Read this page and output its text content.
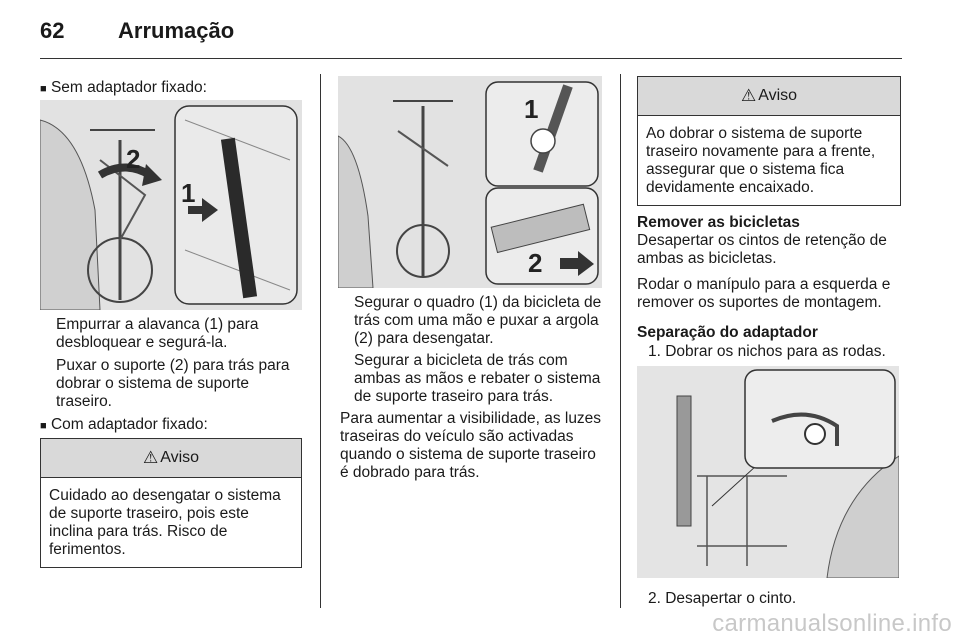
62 Arrumação
■ Sem adaptador fixado:
2
1
Empurrar a alavanca (1) para desbloquear e segurá-la.
Puxar o suporte (2) para trás para dobrar o sistema de suporte traseiro.
■ Com adaptador fixado:
⚠ Aviso
Cuidado ao desengatar o sistema de suporte traseiro, pois este inclina para trás. Risco de ferimentos.
1
2
Segurar o quadro (1) da bicicleta de trás com uma mão e puxar a argola (2) para desengatar.
Segurar a bicicleta de trás com ambas as mãos e rebater o sistema de suporte traseiro para trás.
Para aumentar a visibilidade, as luzes traseiras do veículo são activadas quando o sistema de suporte traseiro é dobrado para trás.
⚠ Aviso
Ao dobrar o sistema de suporte traseiro novamente para a frente, assegurar que o sistema fica devidamente encaixado.
Remover as bicicletas
Desapertar os cintos de retenção de ambas as bicicletas.
Rodar o manípulo para a esquerda e remover os suportes de montagem.
Separação do adaptador
1. Dobrar os nichos para as rodas.
2. Desapertar o cinto.
carmanualsonline.info
